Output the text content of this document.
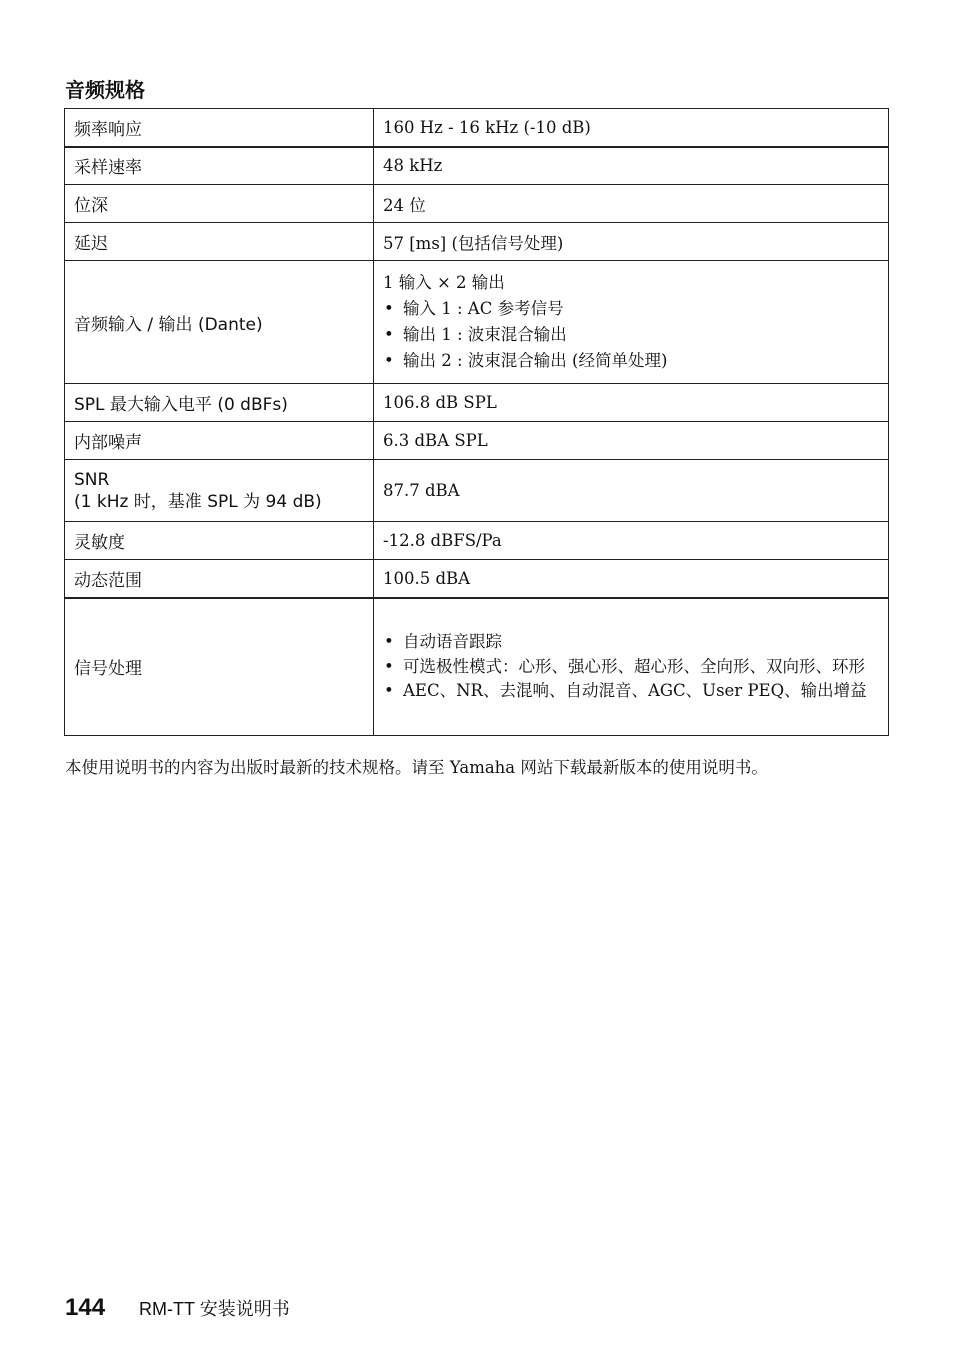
音频规格
频率响应	160 Hz - 16 kHz (-10 dB)
采样速率	48 kHz
位深	24 位
延迟	57 [ms] (包括信号处理)
音频输入 / 输出 (Dante)	1 输入 × 2 输出
• 输入 1 : AC 参考信号
• 输出 1 : 波束混合输出
• 输出 2 : 波束混合输出 (经简单处理)

SPL 最大输入电平 (0 dBFs)	106.8 dB SPL
内部噪声	6.3 dBA SPL

SNR
(1 kHz 时，基准 SPL 为 94 dB)	87.7 dBA
灵敏度	-12.8 dBFS/Pa
动态范围	100.5 dBA
信号处理	• 自动语音跟踪
• 可选极性模式：心形、强心形、超心形、全向形、双向形、环形
• AEC、NR、去混响、自动混音、AGC、User PEQ、输出增益
本使用说明书的内容为出版时最新的技术规格。请至 Yamaha 网站下载最新版本的使用说明书。
144 RM-TT 安装说明书
